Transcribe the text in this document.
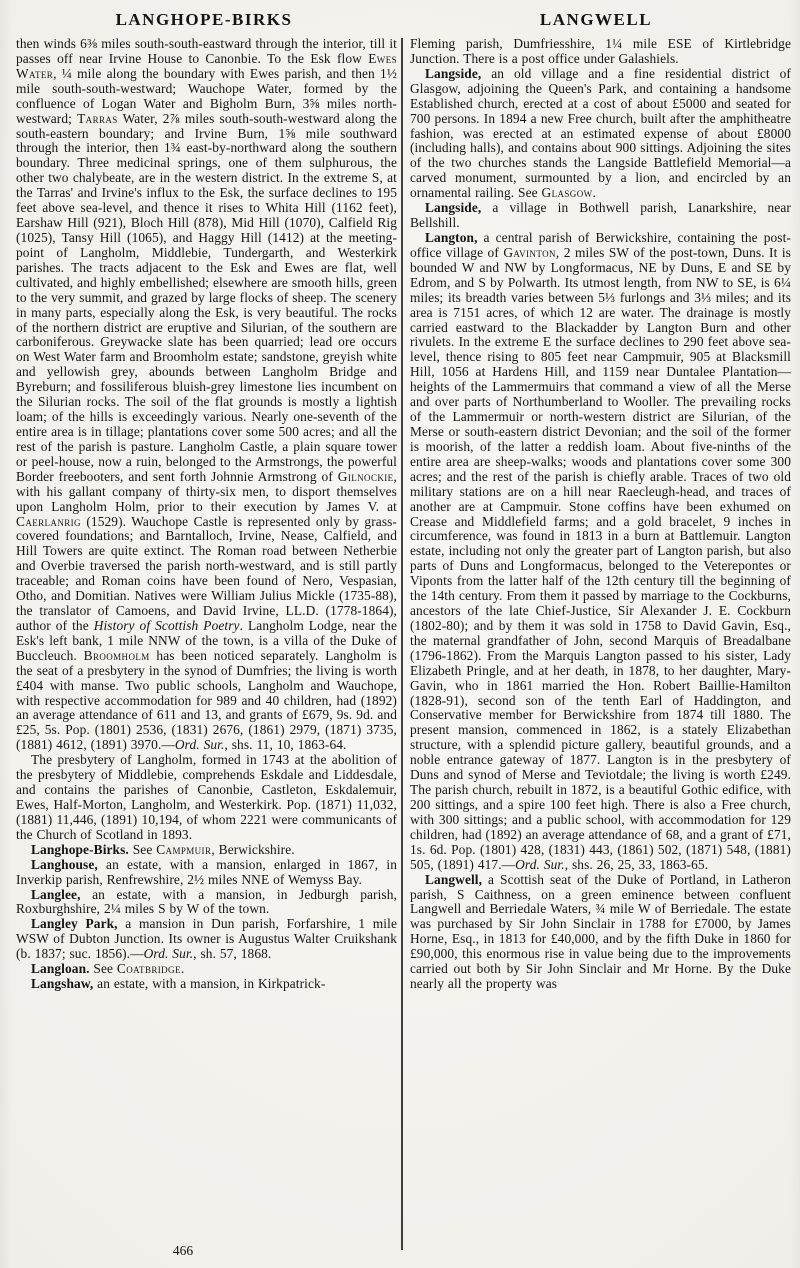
LANGHOPE-BIRKS	LANGWELL

then winds 6⅜ miles south-south-eastward through the interior, till it passes off near Irvine House to Canonbie. To the Esk flow Ewes Water, ¼ mile along the boundary with Ewes parish, and then 1½ mile south-south-westward; Wauchope Water, formed by the confluence of Logan Water and Bigholm Burn, 3⅝ miles north-westward; Tarras Water, 2⅞ miles south-south-westward along the south-eastern boundary; and Irvine Burn, 1⅝ mile southward through the interior, then 1¾ east-by-northward along the southern boundary. Three medicinal springs, one of them sulphurous, the other two chalybeate, are in the western district. In the extreme S, at the Tarras' and Irvine's influx to the Esk, the surface declines to 195 feet above sea-level, and thence it rises to Whita Hill (1162 feet), Earshaw Hill (921), Bloch Hill (878), Mid Hill (1070), Calfield Rig (1025), Tansy Hill (1065), and Haggy Hill (1412) at the meeting-point of Langholm, Middlebie, Tundergarth, and Westerkirk parishes. The tracts adjacent to the Esk and Ewes are flat, well cultivated, and highly embellished; elsewhere are smooth hills, green to the very summit, and grazed by large flocks of sheep. The scenery in many parts, especially along the Esk, is very beautiful. The rocks of the northern district are eruptive and Silurian, of the southern are carboniferous. Greywacke slate has been quarried; lead ore occurs on West Water farm and Broomholm estate; sandstone, greyish white and yellowish grey, abounds between Langholm Bridge and Byreburn; and fossiliferous bluish-grey limestone lies incumbent on the Silurian rocks. The soil of the flat grounds is mostly a lightish loam; of the hills is exceedingly various. Nearly one-seventh of the entire area is in tillage; plantations cover some 500 acres; and all the rest of the parish is pasture. Langholm Castle, a plain square tower or peel-house, now a ruin, belonged to the Armstrongs, the powerful Border freebooters, and sent forth Johnnie Armstrong of Gilnockie, with his gallant company of thirty-six men, to disport themselves upon Langholm Holm, prior to their execution by James V. at Caerlanrig (1529). Wauchope Castle is represented only by grass-covered foundations; and Barntalloch, Irvine, Nease, Calfield, and Hill Towers are quite extinct. The Roman road between Netherbie and Overbie traversed the parish north-westward, and is still partly traceable; and Roman coins have been found of Nero, Vespasian, Otho, and Domitian. Natives were William Julius Mickle (1735-88), the translator of Camoens, and David Irvine, LL.D. (1778-1864), author of the History of Scottish Poetry. Langholm Lodge, near the Esk's left bank, 1 mile NNW of the town, is a villa of the Duke of Buccleuch. Broomholm has been noticed separately. Langholm is the seat of a presbytery in the synod of Dumfries; the living is worth £404 with manse. Two public schools, Langholm and Wauchope, with respective accommodation for 989 and 40 children, had (1892) an average attendance of 611 and 13, and grants of £679, 9s. 9d. and £25, 5s. Pop. (1801) 2536, (1831) 2676, (1861) 2979, (1871) 3735, (1881) 4612, (1891) 3970.—Ord. Sur., shs. 11, 10, 1863-64.

The presbytery of Langholm, formed in 1743 at the abolition of the presbytery of Middlebie, comprehends Eskdale and Liddesdale, and contains the parishes of Canonbie, Castleton, Eskdalemuir, Ewes, Half-Morton, Langholm, and Westerkirk. Pop. (1871) 11,032, (1881) 11,446, (1891) 10,194, of whom 2221 were communicants of the Church of Scotland in 1893.

Langhope-Birks. See Campmuir, Berwickshire.

Langhouse, an estate, with a mansion, enlarged in 1867, in Inverkip parish, Renfrewshire, 2½ miles NNE of Wemyss Bay.

Langlee, an estate, with a mansion, in Jedburgh parish, Roxburghshire, 2¼ miles S by W of the town.

Langley Park, a mansion in Dun parish, Forfarshire, 1 mile WSW of Dubton Junction. Its owner is Augustus Walter Cruikshank (b. 1837; suc. 1856).—Ord. Sur., sh. 57, 1868.

Langloan. See Coatbridge.

Langshaw, an estate, with a mansion, in Kirkpatrick-

Fleming parish, Dumfriesshire, 1¼ mile ESE of Kirtlebridge Junction. There is a post office under Galashiels.

Langside, an old village and a fine residential district of Glasgow, adjoining the Queen's Park, and containing a handsome Established church, erected at a cost of about £5000 and seated for 700 persons. In 1894 a new Free church, built after the amphitheatre fashion, was erected at an estimated expense of about £8000 (including halls), and contains about 900 sittings. Adjoining the sites of the two churches stands the Langside Battlefield Memorial—a carved monument, surmounted by a lion, and encircled by an ornamental railing. See Glasgow.

Langside, a village in Bothwell parish, Lanarkshire, near Bellshill.

Langton, a central parish of Berwickshire, containing the post-office village of Gavinton, 2 miles SW of the post-town, Duns. It is bounded W and NW by Longformacus, NE by Duns, E and SE by Edrom, and S by Polwarth. Its utmost length, from NW to SE, is 6¼ miles; its breadth varies between 5⅓ furlongs and 3⅓ miles; and its area is 7151 acres, of which 12 are water. The drainage is mostly carried eastward to the Blackadder by Langton Burn and other rivulets. In the extreme E the surface declines to 290 feet above sea-level, thence rising to 805 feet near Campmuir, 905 at Blacksmill Hill, 1056 at Hardens Hill, and 1159 near Duntalee Plantation—heights of the Lammermuirs that command a view of all the Merse and over parts of Northumberland to Wooller. The prevailing rocks of the Lammermuir or north-western district are Silurian, of the Merse or south-eastern district Devonian; and the soil of the former is moorish, of the latter a reddish loam. About five-ninths of the entire area are sheep-walks; woods and plantations cover some 300 acres; and the rest of the parish is chiefly arable. Traces of two old military stations are on a hill near Raecleugh-head, and traces of another are at Campmuir. Stone coffins have been exhumed on Crease and Middlefield farms; and a gold bracelet, 9 inches in circumference, was found in 1813 in a burn at Battlemuir. Langton estate, including not only the greater part of Langton parish, but also parts of Duns and Longformacus, belonged to the Veterepontes or Viponts from the latter half of the 12th century till the beginning of the 14th century. From them it passed by marriage to the Cockburns, ancestors of the late Chief-Justice, Sir Alexander J. E. Cockburn (1802-80); and by them it was sold in 1758 to David Gavin, Esq., the maternal grandfather of John, second Marquis of Breadalbane (1796-1862). From the Marquis Langton passed to his sister, Lady Elizabeth Pringle, and at her death, in 1878, to her daughter, Mary-Gavin, who in 1861 married the Hon. Robert Baillie-Hamilton (1828-91), second son of the tenth Earl of Haddington, and Conservative member for Berwickshire from 1874 till 1880. The present mansion, commenced in 1862, is a stately Elizabethan structure, with a splendid picture gallery, beautiful grounds, and a noble entrance gateway of 1877. Langton is in the presbytery of Duns and synod of Merse and Teviotdale; the living is worth £249. The parish church, rebuilt in 1872, is a beautiful Gothic edifice, with 200 sittings, and a spire 100 feet high. There is also a Free church, with 300 sittings; and a public school, with accommodation for 129 children, had (1892) an average attendance of 68, and a grant of £71, 1s. 6d. Pop. (1801) 428, (1831) 443, (1861) 502, (1871) 548, (1881) 505, (1891) 417.—Ord. Sur., shs. 26, 25, 33, 1863-65.

Langwell, a Scottish seat of the Duke of Portland, in Latheron parish, S Caithness, on a green eminence between confluent Langwell and Berriedale Waters, ¾ mile W of Berriedale. The estate was purchased by Sir John Sinclair in 1788 for £7000, by James Horne, Esq., in 1813 for £40,000, and by the fifth Duke in 1860 for £90,000, this enormous rise in value being due to the improvements carried out both by Sir John Sinclair and Mr Horne. By the Duke nearly all the property was

466
